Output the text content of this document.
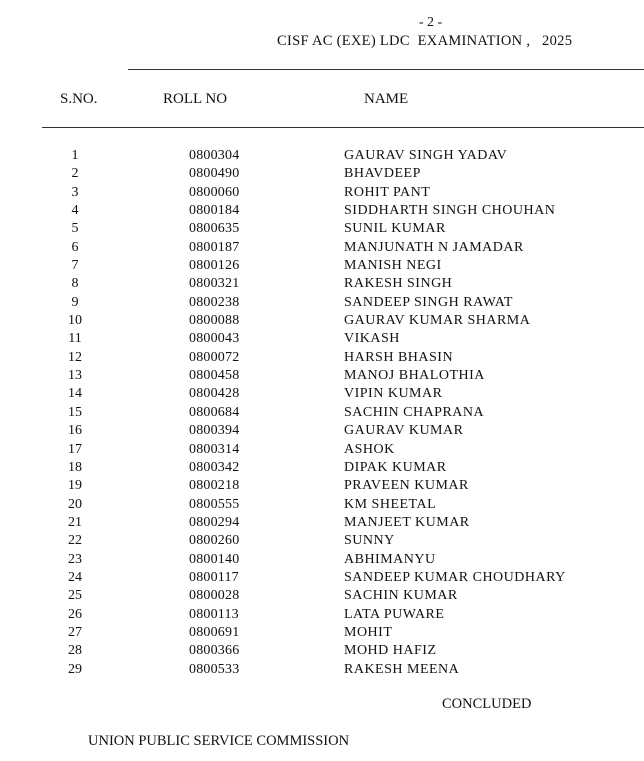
- 2 -
CISF AC (EXE) LDC  EXAMINATION ,   2025
S.NO.	ROLL NO	NAME
1	0800304	GAURAV SINGH YADAV
2	0800490	BHAVDEEP
3	0800060	ROHIT PANT
4	0800184	SIDDHARTH SINGH CHOUHAN
5	0800635	SUNIL KUMAR
6	0800187	MANJUNATH N JAMADAR
7	0800126	MANISH NEGI
8	0800321	RAKESH SINGH
9	0800238	SANDEEP SINGH RAWAT
10	0800088	GAURAV KUMAR SHARMA
11	0800043	VIKASH
12	0800072	HARSH BHASIN
13	0800458	MANOJ BHALOTHIA
14	0800428	VIPIN KUMAR
15	0800684	SACHIN CHAPRANA
16	0800394	GAURAV KUMAR
17	0800314	ASHOK
18	0800342	DIPAK KUMAR
19	0800218	PRAVEEN KUMAR
20	0800555	KM SHEETAL
21	0800294	MANJEET KUMAR
22	0800260	SUNNY
23	0800140	ABHIMANYU
24	0800117	SANDEEP KUMAR CHOUDHARY
25	0800028	SACHIN KUMAR
26	0800113	LATA PUWARE
27	0800691	MOHIT
28	0800366	MOHD HAFIZ
29	0800533	RAKESH MEENA
CONCLUDED
UNION PUBLIC SERVICE COMMISSION
